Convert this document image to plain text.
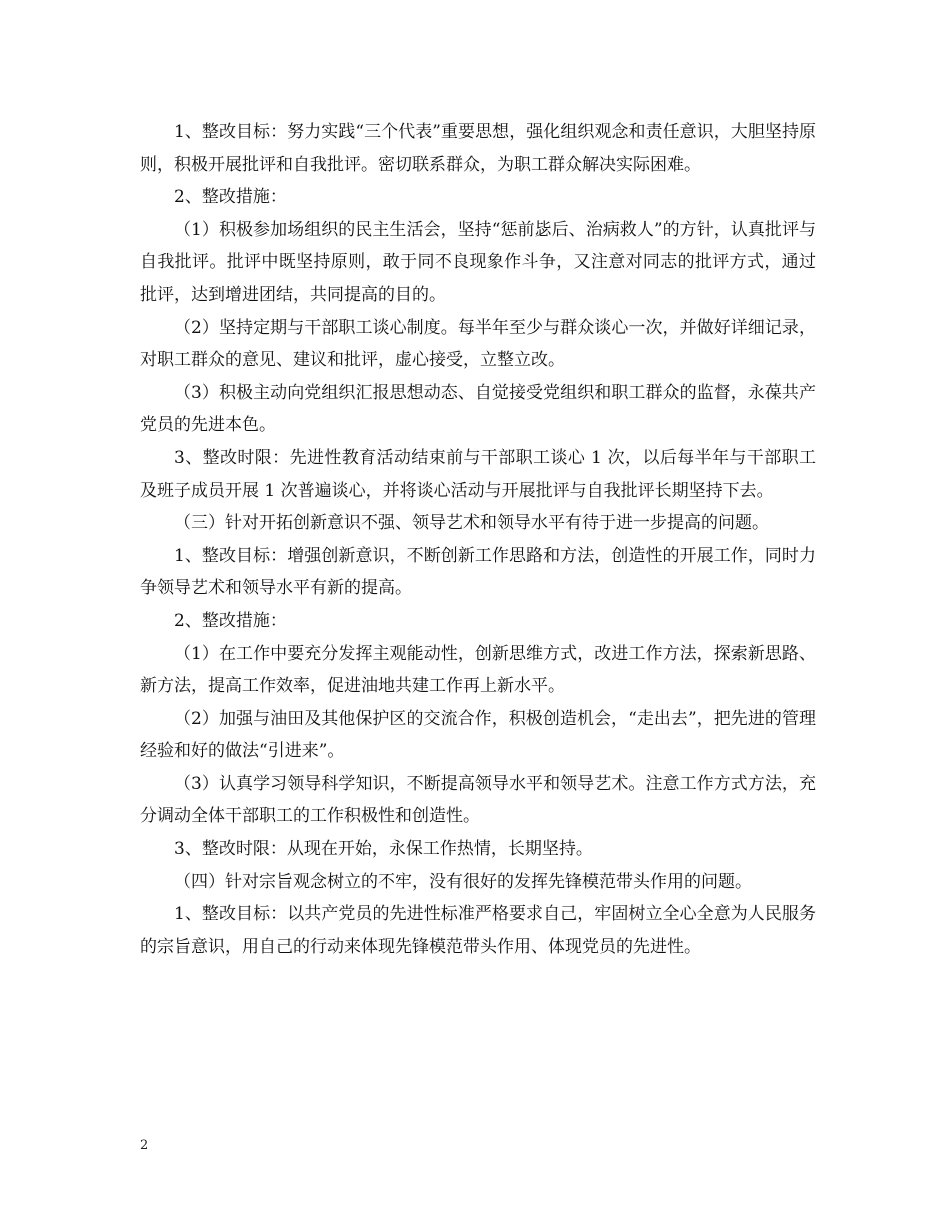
1、整改目标：努力实践“三个代表”重要思想，强化组织观念和责任意识，大胆坚持原则，积极开展批评和自我批评。密切联系群众，为职工群众解决实际困难。

2、整改措施：

（1）积极参加场组织的民主生活会，坚持“惩前毖后、治病救人”的方针，认真批评与自我批评。批评中既坚持原则，敢于同不良现象作斗争，又注意对同志的批评方式，通过批评，达到增进团结，共同提高的目的。

（2）坚持定期与干部职工谈心制度。每半年至少与群众谈心一次，并做好详细记录，对职工群众的意见、建议和批评，虚心接受，立整立改。

（3）积极主动向党组织汇报思想动态、自觉接受党组织和职工群众的监督，永葆共产党员的先进本色。

3、整改时限：先进性教育活动结束前与干部职工谈心 1 次，以后每半年与干部职工及班子成员开展 1 次普遍谈心，并将谈心活动与开展批评与自我批评长期坚持下去。

（三）针对开拓创新意识不强、领导艺术和领导水平有待于进一步提高的问题。

1、整改目标：增强创新意识，不断创新工作思路和方法，创造性的开展工作，同时力争领导艺术和领导水平有新的提高。

2、整改措施：

（1）在工作中要充分发挥主观能动性，创新思维方式，改进工作方法，探索新思路、新方法，提高工作效率，促进油地共建工作再上新水平。

（2）加强与油田及其他保护区的交流合作，积极创造机会，“走出去”，把先进的管理经验和好的做法“引进来”。

（3）认真学习领导科学知识，不断提高领导水平和领导艺术。注意工作方式方法，充分调动全体干部职工的工作积极性和创造性。

3、整改时限：从现在开始，永保工作热情，长期坚持。

（四）针对宗旨观念树立的不牢，没有很好的发挥先锋模范带头作用的问题。

1、整改目标：以共产党员的先进性标准严格要求自己，牢固树立全心全意为人民服务的宗旨意识，用自己的行动来体现先锋模范带头作用、体现党员的先进性。

2
